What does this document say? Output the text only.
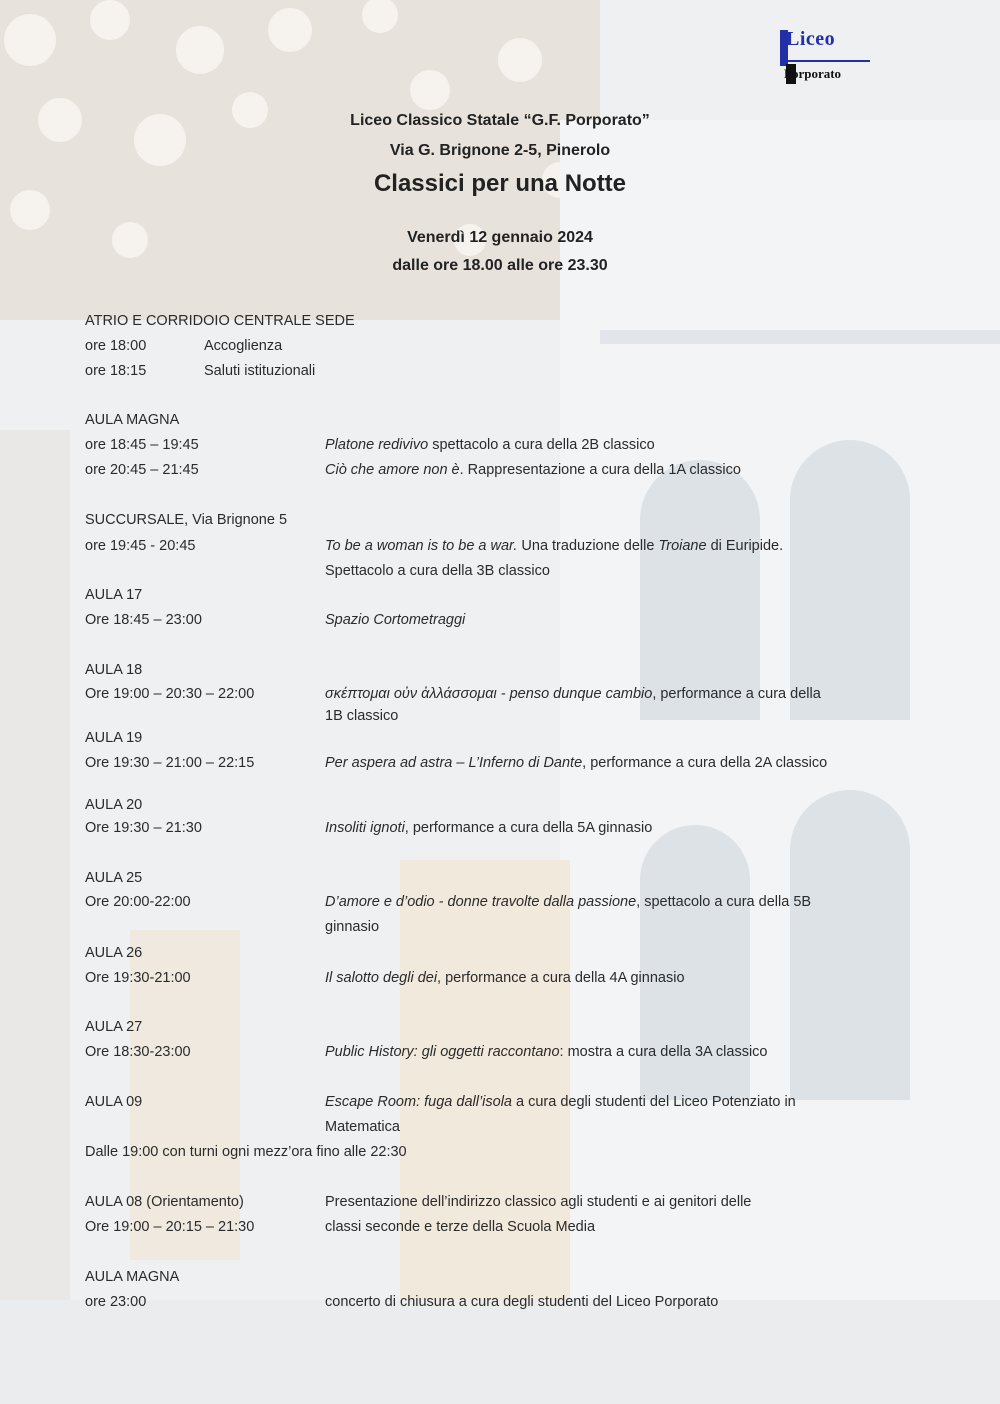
Liceo
Porporato
Liceo Classico Statale “G.F. Porporato”
Via G. Brignone 2-5, Pinerolo
Classici per una Notte
Venerdì 12 gennaio 2024
dalle ore 18.00 alle ore 23.30
ATRIO E CORRIDOIO CENTRALE SEDE
ore 18:00	Accoglienza
ore 18:15	Saluti istituzionali
AULA MAGNA
ore 18:45 – 19:45	Platone redivivo spettacolo a cura della 2B classico
ore 20:45 – 21:45	Ciò che amore non è. Rappresentazione a cura della 1A classico
SUCCURSALE, Via Brignone 5
ore 19:45 - 20:45	To be a woman is to be a war. Una traduzione delle Troiane di Euripide.
Spettacolo a cura della 3B classico
AULA 17
Ore 18:45 – 23:00	Spazio Cortometraggi
AULA 18
Ore 19:00 – 20:30 – 22:00	σκέπτομαι οὐν ἀλλάσσομαι - penso dunque cambio, performance a cura della
1B classico
AULA 19
Ore 19:30 – 21:00 – 22:15	Per aspera ad astra – L’Inferno di Dante, performance a cura della 2A classico
AULA 20
Ore 19:30 – 21:30	Insoliti ignoti, performance a cura della 5A ginnasio
AULA 25
Ore 20:00-22:00	D’amore e d’odio - donne travolte dalla passione, spettacolo a cura della 5B
ginnasio
AULA 26
Ore 19:30-21:00	Il salotto degli dei, performance a cura della 4A ginnasio
AULA 27
Ore 18:30-23:00	Public History: gli oggetti raccontano: mostra a cura della 3A classico
AULA 09	Escape Room: fuga dall’isola a cura degli studenti del Liceo Potenziato in
Matematica
Dalle 19:00 con turni ogni mezz’ora fino alle 22:30
AULA 08 (Orientamento)	Presentazione dell’indirizzo classico agli studenti e ai genitori delle
Ore 19:00 – 20:15 – 21:30	classi seconde e terze della Scuola Media
AULA MAGNA
ore 23:00	concerto di chiusura a cura degli studenti del Liceo Porporato
